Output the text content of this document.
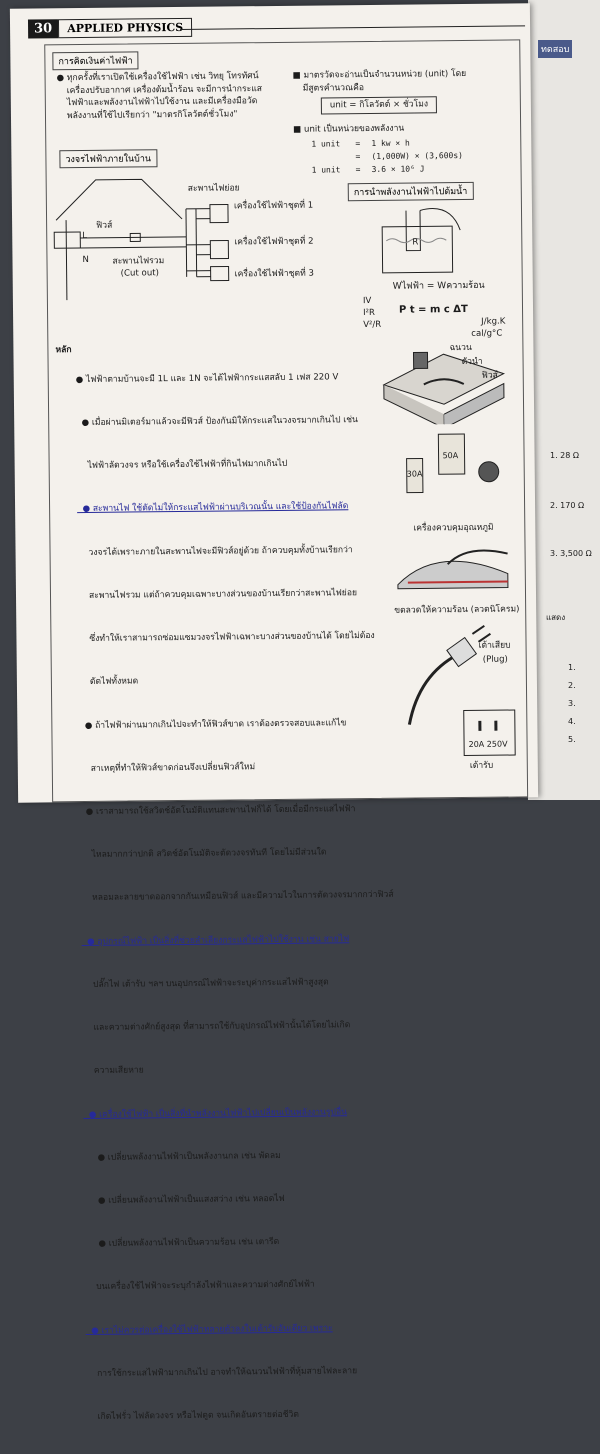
ทดสอบ
1. 28 Ω
2. 170 Ω
3. 3,500 Ω
แสดง
1.
2.
3.
4.
5.
30	APPLIED PHYSICS
การคิดเงินค่าไฟฟ้า
● ทุกครั้งที่เราเปิดใช้เครื่องใช้ไฟฟ้า เช่น วิทยุ โทรทัศน์
เครื่องปรับอากาศ เครื่องต้มน้ำร้อน จะมีการนำกระแส
ไฟฟ้าและพลังงานไฟฟ้าไปใช้งาน และมีเครื่องมือวัด
พลังงานที่ใช้ไปเรียกว่า "มาตรกิโลวัตต์ชั่วโมง"
■ มาตรวัดจะอ่านเป็นจำนวนหน่วย (unit) โดย
มีสูตรคำนวณคือ
unit = กิโลวัตต์ × ชั่วโมง
■ unit เป็นหน่วยของพลังงาน
1 unit = 1 kw × h
= (1,000W) × (3,600s)
1 unit = 3.6 × 10⁶ J
วงจรไฟฟ้าภายในบ้าน
ฟิวส์
L
N	สะพานไฟรวม
(Cut out)
สะพานไฟย่อย
เครื่องใช้ไฟฟ้าชุดที่ 1
เครื่องใช้ไฟฟ้าชุดที่ 2
เครื่องใช้ไฟฟ้าชุดที่ 3
การนำพลังงานไฟฟ้าไปต้มน้ำ
R
Wไฟฟ้า = Wความร้อน
IV
I²R
V²/R
P t = m c ΔT
J/kg.K
cal/g°C
หลัก

● ไฟฟ้าตามบ้านจะมี 1L และ 1N จะได้ไฟฟ้ากระแสสลับ 1 เฟส 220 V

● เมื่อผ่านมิเตอร์มาแล้วจะมีฟิวส์ ป้องกันมิให้กระแสในวงจรมากเกินไป เช่น

ไฟฟ้าลัดวงจร หรือใช้เครื่องใช้ไฟฟ้าที่กินไฟมากเกินไป

● สะพานไฟ ใช้ตัดไม่ให้กระแสไฟฟ้าผ่านบริเวณนั้น และใช้ป้องกันไฟลัด

วงจรได้เพราะภายในสะพานไฟจะมีฟิวส์อยู่ด้วย ถ้าควบคุมทั้งบ้านเรียกว่า

สะพานไฟรวม แต่ถ้าควบคุมเฉพาะบางส่วนของบ้านเรียกว่าสะพานไฟย่อย

ซึ่งทำให้เราสามารถซ่อมแซมวงจรไฟฟ้าเฉพาะบางส่วนของบ้านได้ โดยไม่ต้อง

ตัดไฟทั้งหมด

● ถ้าไฟฟ้าผ่านมากเกินไปจะทำให้ฟิวส์ขาด เราต้องตรวจสอบและแก้ไข

สาเหตุที่ทำให้ฟิวส์ขาดก่อนจึงเปลี่ยนฟิวส์ใหม่

● เราสามารถใช้สวิตช์อัตโนมัติแทนสะพานไฟก็ได้ โดยเมื่อมีกระแสไฟฟ้า

ไหลมากกว่าปกติ สวิตช์อัตโนมัติจะตัดวงจรทันที โดยไม่มีส่วนใด

หลอมละลายขาดออกจากกันเหมือนฟิวส์ และมีความไวในการตัดวงจรมากกว่าฟิวส์

● อุปกรณ์ไฟฟ้า เป็นสิ่งที่ช่วยลำเลียงกระแสไฟฟ้าไปใช้งาน เช่น สายไฟ

ปลั๊กไฟ เต้ารับ ฯลฯ บนอุปกรณ์ไฟฟ้าจะระบุค่ากระแสไฟฟ้าสูงสุด

และความต่างศักย์สูงสุด ที่สามารถใช้กับอุปกรณ์ไฟฟ้านั้นได้โดยไม่เกิด

ความเสียหาย

● เครื่องใช้ไฟฟ้า เป็นสิ่งที่นำพลังงานไฟฟ้าไปเปลี่ยนเป็นพลังงานรูปอื่น

● เปลี่ยนพลังงานไฟฟ้าเป็นพลังงานกล เช่น พัดลม

● เปลี่ยนพลังงานไฟฟ้าเป็นแสงสว่าง เช่น หลอดไฟ

● เปลี่ยนพลังงานไฟฟ้าเป็นความร้อน เช่น เตารีด

บนเครื่องใช้ไฟฟ้าจะระบุกำลังไฟฟ้าและความต่างศักย์ไฟฟ้า

● เราไม่ควรต่อเครื่องใช้ไฟฟ้าหลายตัวลงในเต้ารับอันเดียว เพราะ

การใช้กระแสไฟฟ้ามากเกินไป อาจทำให้ฉนวนไฟฟ้าที่หุ้มสายไฟละลาย

เกิดไฟรั่ว ไฟลัดวงจร หรือไฟดูด จนเกิดอันตรายต่อชีวิต

ฉนวน
ตัวนำ
ฟิวส์
50A
30A
เครื่องควบคุมอุณหภูมิ
ขดลวดให้ความร้อน (ลวดนิโครม)
เต้าเสียบ
(Plug)
20A 250V
เต้ารับ
